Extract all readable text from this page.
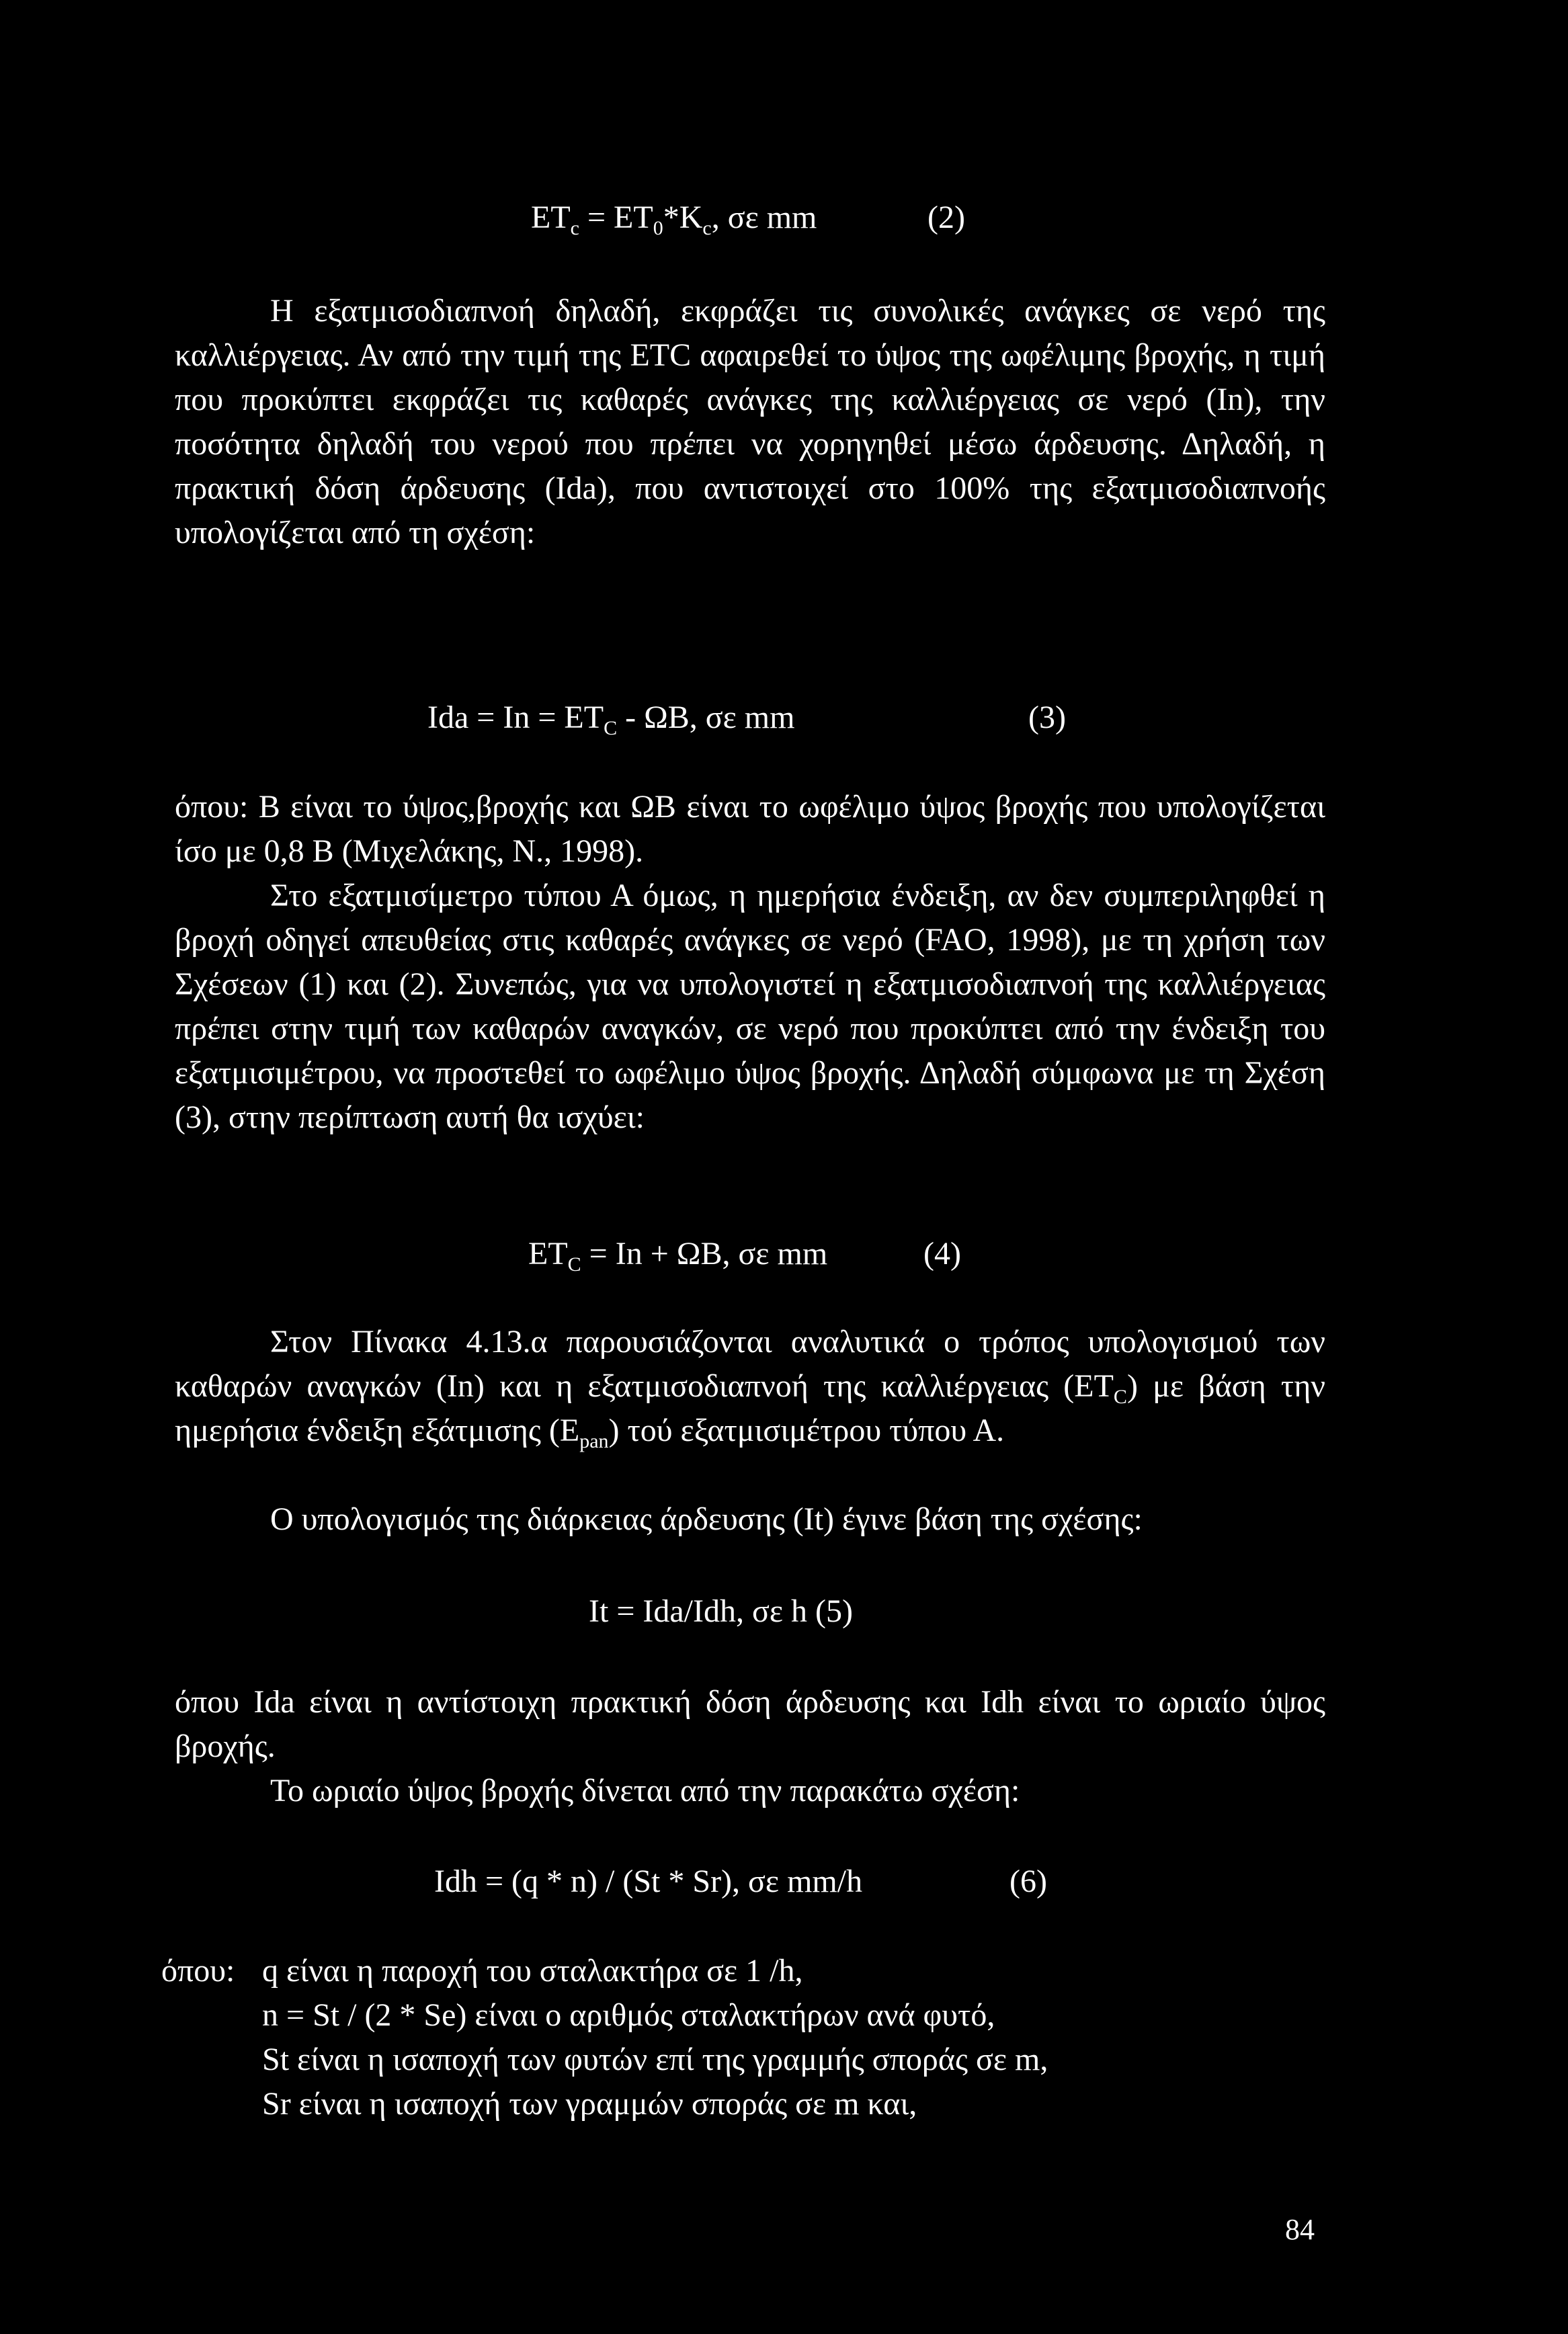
$ET_c = ET_0*K_c$, σε mm	(2)
Η εξατμισοδιαπνοή δηλαδή, εκφράζει τις συνολικές ανάγκες σε νερό της καλλιέργειας. Αν από την τιμή της ETC αφαιρεθεί το ύψος της ωφέλιμης βροχής, η τιμή που προκύπτει εκφράζει τις καθαρές ανάγκες της καλλιέργειας σε νερό (In), την ποσότητα δηλαδή του νερού που πρέπει να χορηγηθεί μέσω άρδευσης. Δηλαδή, η πρακτική δόση άρδευσης (Ida), που αντιστοιχεί στο 100% της εξατμισοδιαπνοής υπολογίζεται από τη σχέση:
Ida = $In = ET_C - \Omega B$, σε mm	(3)
όπου: B είναι το ύψος,βροχής και ΩB είναι το ωφέλιμο ύψος βροχής που υπολογίζεται ίσο με 0,8 B (Μιχελάκης, Ν., 1998).
Στο εξατμισίμετρο τύπου Α όμως, η ημερήσια ένδειξη, αν δεν συμπεριληφθεί η βροχή οδηγεί απευθείας στις καθαρές ανάγκες σε νερό (FAO, 1998), με τη χρήση των Σχέσεων (1) και (2). Συνεπώς, για να υπολογιστεί η εξατμισοδιαπνοή της καλλιέργειας πρέπει στην τιμή των καθαρών αναγκών, σε νερό που προκύπτει από την ένδειξη του εξατμισιμέτρου, να προστεθεί το ωφέλιμο ύψος βροχής. Δηλαδή σύμφωνα με τη Σχέση (3), στην περίπτωση αυτή θα ισχύει:
$ET_C = In + \Omega B$, σε mm	(4)
Στον Πίνακα 4.13.α παρουσιάζονται αναλυτικά ο τρόπος υπολογισμού των καθαρών αναγκών (In) και η εξατμισοδιαπνοή της καλλιέργειας $(ET_C)$ με βάση την ημερήσια ένδειξη εξάτμισης $(E_{pan})$ τού εξατμισιμέτρου τύπου Α.
Ο υπολογισμός της διάρκειας άρδευσης (It) έγινε βάση της σχέσης:
It = Ida/Idh, σε h (5)
όπου Ida είναι η αντίστοιχη πρακτική δόση άρδευσης και Idh είναι το ωριαίο ύψος βροχής.
Το ωριαίο ύψος βροχής δίνεται από την παρακάτω σχέση:
Idh = (q * n) / (St * Sr), σε mm/h	(6)
όπου: q είναι η παροχή του σταλακτήρα σε 1 /h,
n = St / (2 * Se) είναι ο αριθμός σταλακτήρων ανά φυτό,
St είναι η ισαποχή των φυτών επί της γραμμής σποράς σε m,
Sr είναι η ισαποχή των γραμμών σποράς σε m και,
84
